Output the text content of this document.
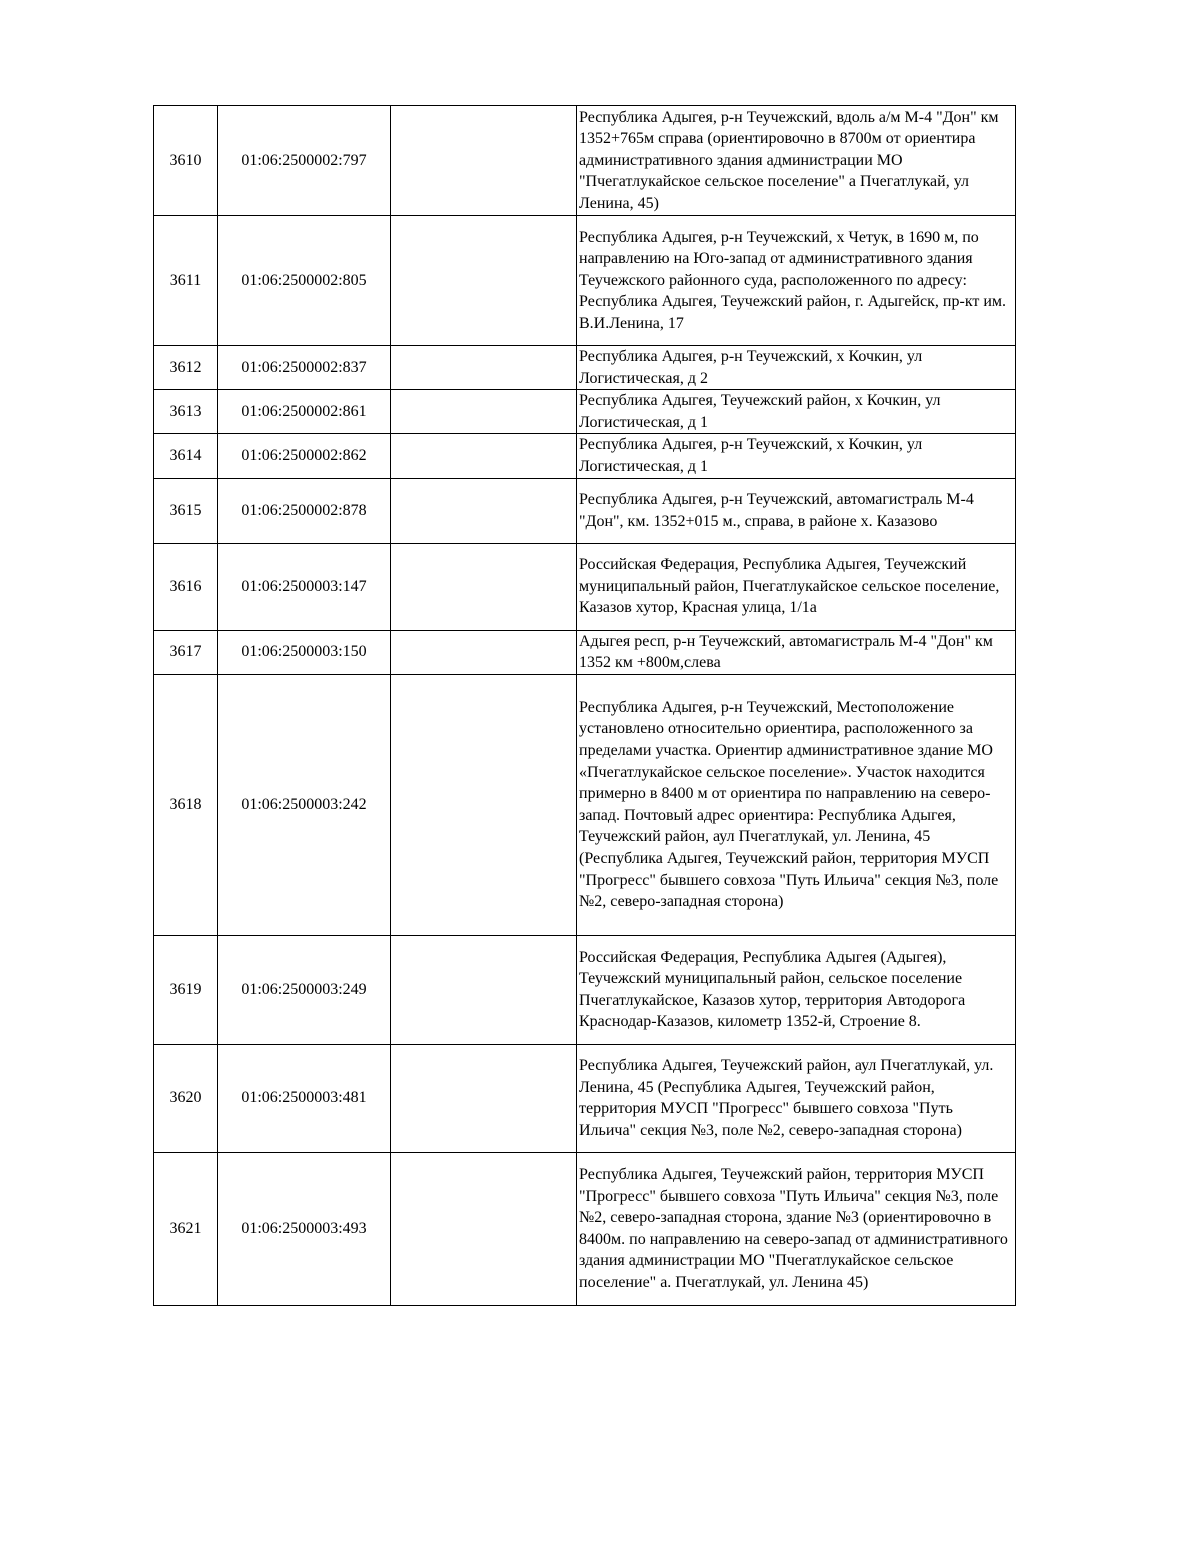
3610	01:06:2500002:797		Республика Адыгея, р-н Теучежский, вдоль а/м М-4 "Дон" км 1352+765м справа (ориентировочно в 8700м от ориентира административного здания администрации МО "Пчегатлукайское сельское поселение" а Пчегатлукай, ул Ленина, 45)

3611	01:06:2500002:805		Республика Адыгея, р-н Теучежский, х Четук, в 1690 м, по направлению на Юго-запад от административного здания Теучежского районного суда, расположенного по адресу: Республика Адыгея, Теучежский район, г. Адыгейск, пр-кт им. В.И.Ленина, 17

3612	01:06:2500002:837		Республика Адыгея, р-н Теучежский, х Кочкин, ул Логистическая, д 2

3613	01:06:2500002:861		Республика Адыгея, Теучежский район, х Кочкин, ул Логистическая, д 1

3614	01:06:2500002:862		Республика Адыгея, р-н Теучежский, х Кочкин, ул Логистическая, д 1

3615	01:06:2500002:878		Республика Адыгея, р-н Теучежский, автомагистраль М-4 "Дон", км. 1352+015 м., справа, в районе х. Казазово

3616	01:06:2500003:147		Российская Федерация, Республика Адыгея, Теучежский муниципальный район, Пчегатлукайское сельское поселение, Казазов хутор, Красная улица, 1/1а

3617	01:06:2500003:150		Адыгея респ, р-н Теучежский, автомагистраль М-4 "Дон" км 1352 км +800м,слева

3618	01:06:2500003:242		Республика Адыгея, р-н Теучежский, Местоположение установлено относительно ориентира, расположенного за пределами участка. Ориентир административное здание МО «Пчегатлукайское сельское поселение». Участок находится примерно в 8400 м от ориентира по направлению на северо-запад. Почтовый адрес ориентира: Республика Адыгея, Теучежский район, аул Пчегатлукай, ул. Ленина, 45 (Республика Адыгея, Теучежский район, территория МУСП "Прогресс" бывшего совхоза "Путь Ильича" секция №3, поле №2, северо-западная сторона)

3619	01:06:2500003:249		Российская Федерация, Республика Адыгея (Адыгея), Теучежский муниципальный район, сельское поселение Пчегатлукайское, Казазов хутор, территория Автодорога Краснодар-Казазов, километр 1352-й, Строение 8.

3620	01:06:2500003:481		Республика Адыгея, Теучежский район, аул Пчегатлукай, ул. Ленина, 45 (Республика Адыгея, Теучежский район, территория МУСП "Прогресс" бывшего совхоза "Путь Ильича" секция №3, поле №2, северо-западная сторона)

3621	01:06:2500003:493		Республика Адыгея, Теучежский район, территория МУСП "Прогресс" бывшего совхоза "Путь Ильича" секция №3, поле №2, северо-западная сторона, здание №3 (ориентировочно в 8400м. по направлению на северо-запад от административного здания администрации МО "Пчегатлукайское сельское поселение" а. Пчегатлукай, ул. Ленина 45)
